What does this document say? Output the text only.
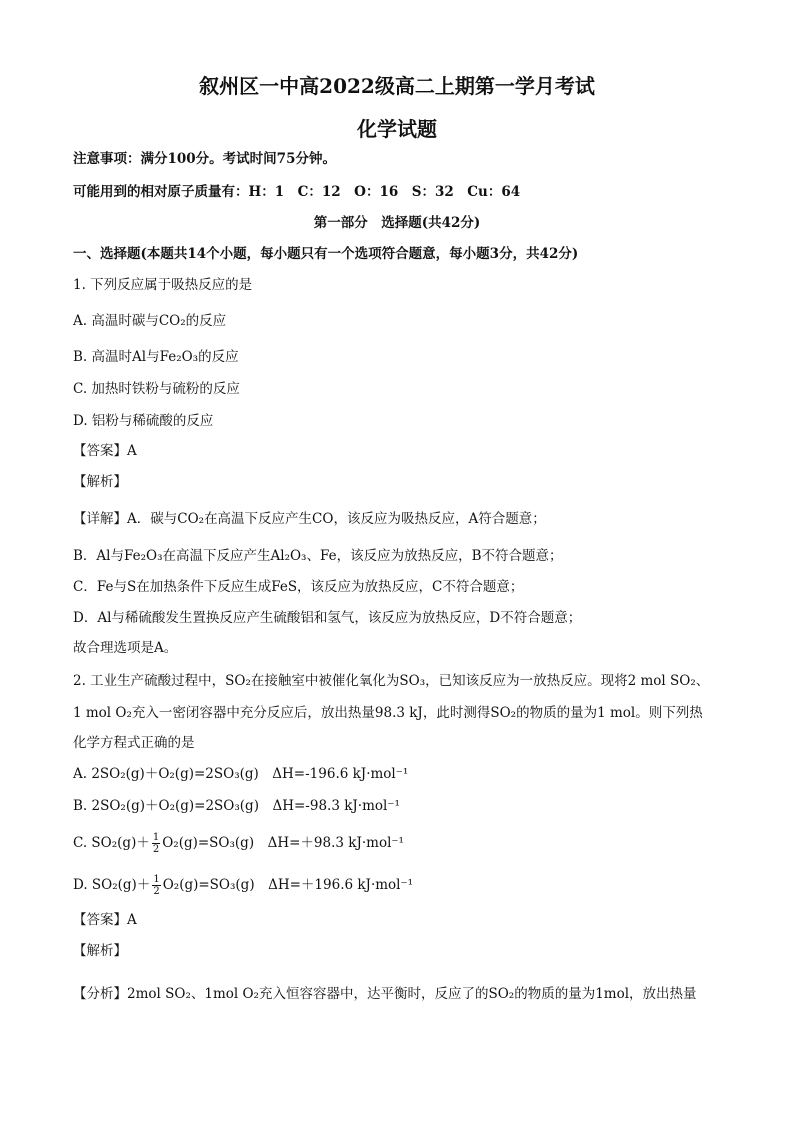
叙州区一中高2022级高二上期第一学月考试
化学试题
注意事项：满分100分。考试时间75分钟。
可能用到的相对原子质量有：H：1　C：12　O：16　S：32　Cu：64
第一部分　选择题(共42分)
一、选择题(本题共14个小题，每小题只有一个选项符合题意，每小题3分，共42分)
1. 下列反应属于吸热反应的是
A. 高温时碳与CO₂的反应
B. 高温时Al与Fe₂O₃的反应
C. 加热时铁粉与硫粉的反应
D. 铝粉与稀硫酸的反应
【答案】A
【解析】
【详解】A．碳与CO₂在高温下反应产生CO，该反应为吸热反应，A符合题意；
B．Al与Fe₂O₃在高温下反应产生Al₂O₃、Fe，该反应为放热反应，B不符合题意；
C．Fe与S在加热条件下反应生成FeS，该反应为放热反应，C不符合题意；
D．Al与稀硫酸发生置换反应产生硫酸铝和氢气，该反应为放热反应，D不符合题意；
故合理选项是A。
2. 工业生产硫酸过程中，SO₂在接触室中被催化氧化为SO₃，已知该反应为一放热反应。现将2 mol SO₂、
1 mol O₂充入一密闭容器中充分反应后，放出热量98.3 kJ，此时测得SO₂的物质的量为1 mol。则下列热
化学方程式正确的是
A. 2SO₂(g)＋O₂(g)=2SO₃(g)　ΔH=-196.6 kJ·mol⁻¹
B. 2SO₂(g)＋O₂(g)=2SO₃(g)　ΔH=-98.3 kJ·mol⁻¹
C. $SO_2(g)+ \frac{1}{2} O_2(g)=SO_3(g)$　ΔH=＋98.3 kJ·mol⁻¹
D. $SO_2(g)+ \frac{1}{2} O_2(g)=SO_3(g)$　ΔH=＋196.6 kJ·mol⁻¹
【答案】A
【解析】
【分析】2mol SO₂、1mol O₂充入恒容容器中，达平衡时，反应了的SO₂的物质的量为1mol，放出热量
